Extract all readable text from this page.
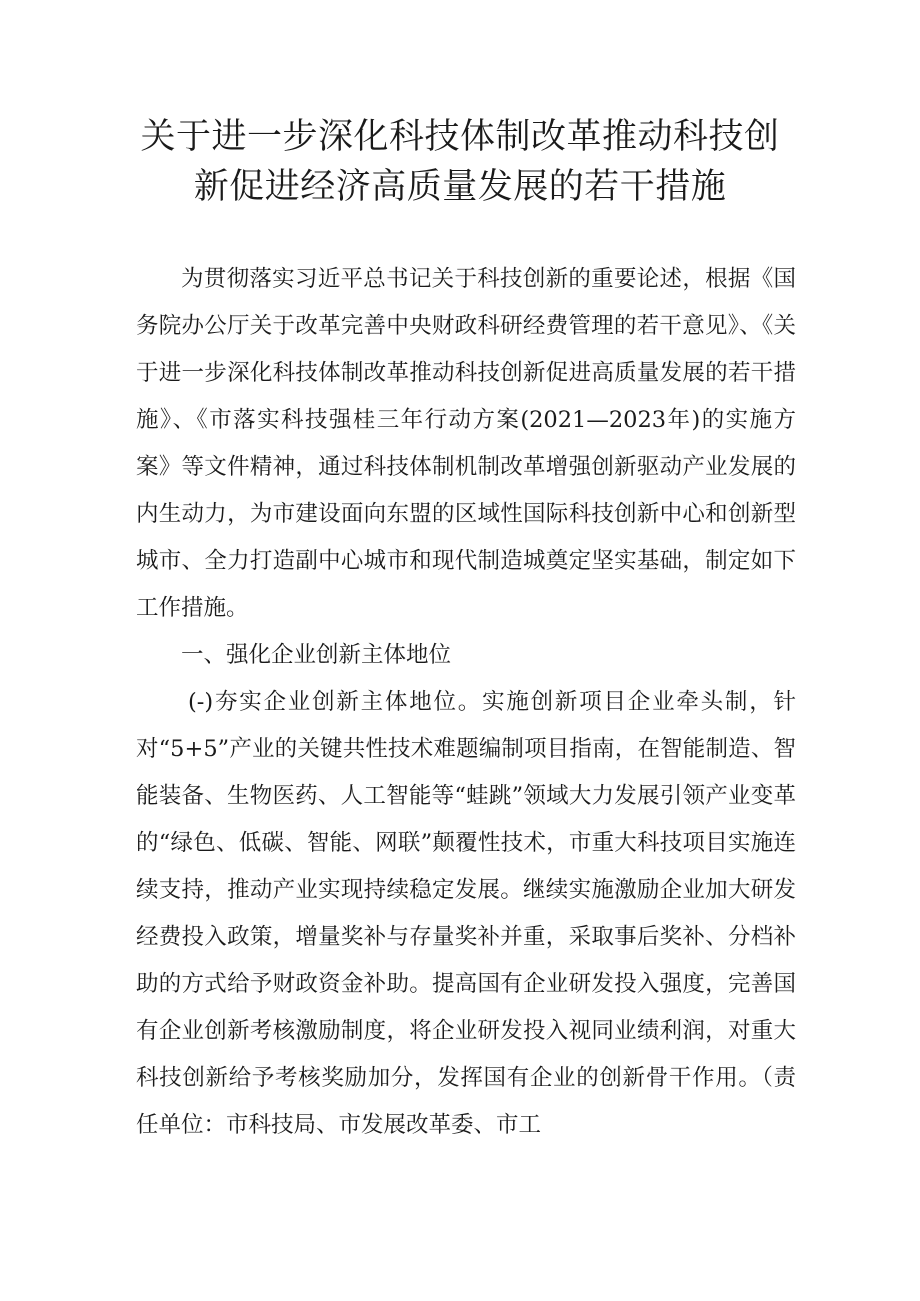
关于进一步深化科技体制改革推动科技创
新促进经济高质量发展的若干措施

为贯彻落实习近平总书记关于科技创新的重要论述，根据《国务院办公厅关于改革完善中央财政科研经费管理的若干意见》、《关于进一步深化科技体制改革推动科技创新促进高质量发展的若干措施》、《市落实科技强桂三年行动方案(2021—2023年)的实施方案》等文件精神，通过科技体制机制改革增强创新驱动产业发展的内生动力，为市建设面向东盟的区域性国际科技创新中心和创新型城市、全力打造副中心城市和现代制造城奠定坚实基础，制定如下工作措施。

一、强化企业创新主体地位

(-)夯实企业创新主体地位。实施创新项目企业牵头制，针对“5+5”产业的关键共性技术难题编制项目指南，在智能制造、智能装备、生物医药、人工智能等“蛙跳”领域大力发展引领产业变革的“绿色、低碳、智能、网联”颠覆性技术，市重大科技项目实施连续支持，推动产业实现持续稳定发展。继续实施激励企业加大研发经费投入政策，增量奖补与存量奖补并重，采取事后奖补、分档补助的方式给予财政资金补助。提高国有企业研发投入强度，完善国有企业创新考核激励制度，将企业研发投入视同业绩利润，对重大科技创新给予考核奖励加分，发挥国有企业的创新骨干作用。（责任单位：市科技局、市发展改革委、市工
